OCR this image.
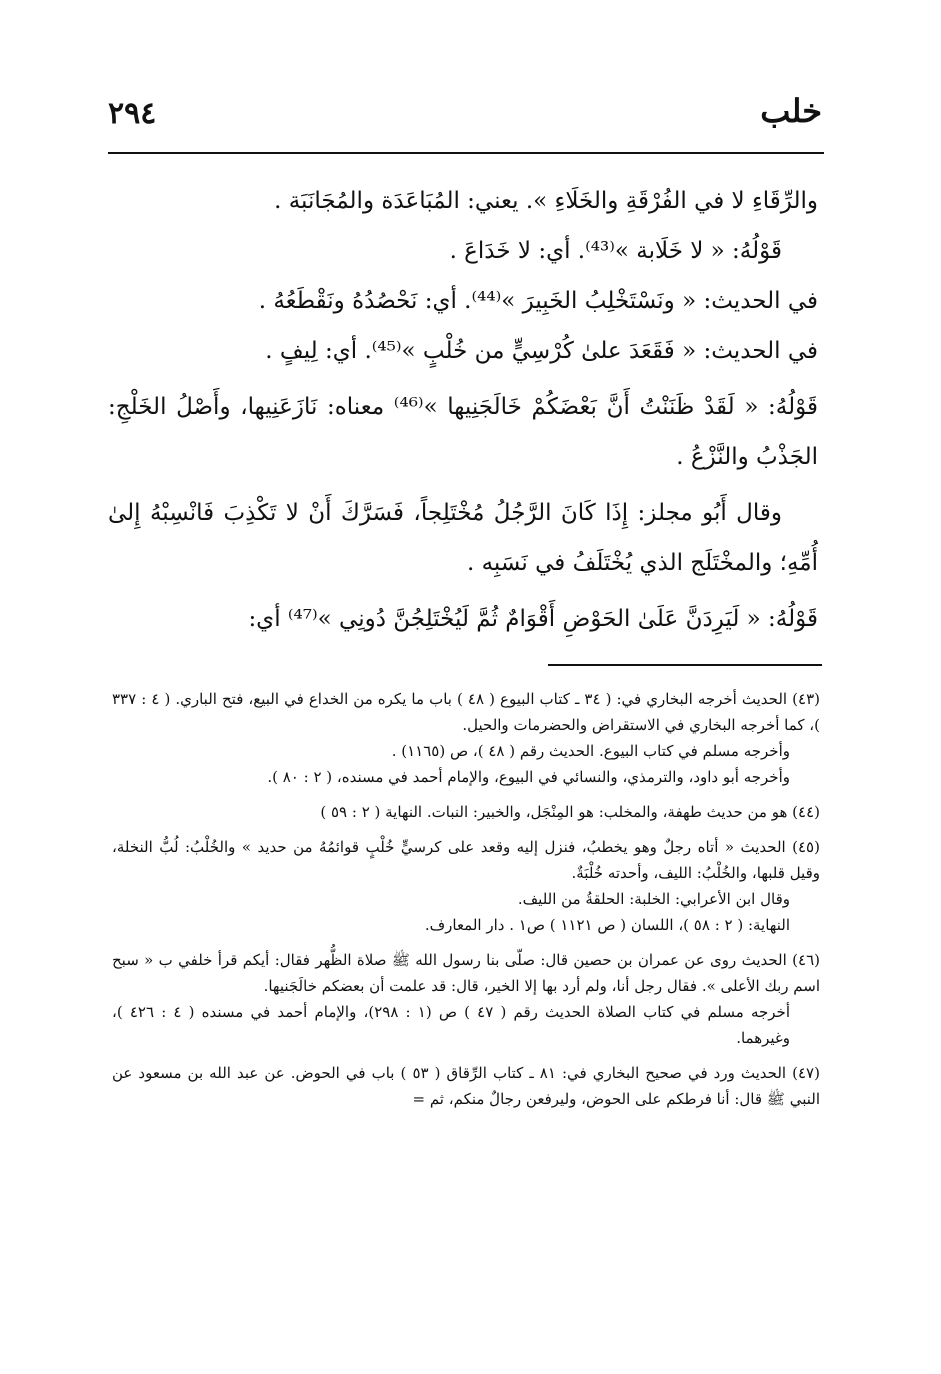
خلب
٢٩٤

والرِّقَاءِ لا في الفُرْقَةِ والخَلَاءِ ». يعني: المُبَاعَدَة والمُجَانَبَة .

قَوْلُهُ: « لا خَلَابة »⁽⁴³⁾. أي: لا خَدَاعَ .

في الحديث: « ونَسْتَخْلِبُ الخَبِيرَ »⁽⁴⁴⁾. أي: نَحْصُدُهُ ونَقْطَعُهُ .

في الحديث: « فَقَعَدَ علىٰ كُرْسِيٍّ من خُلْبٍ »⁽⁴⁵⁾. أي: لِيفٍ .

قَوْلُهُ: « لَقَدْ ظَنَنْتُ أَنَّ بَعْضَكُمْ خَالَجَنِيها »⁽⁴⁶⁾ معناه: نَازَعَنِيها، وأَصْلُ الخَلْجِ: الجَذْبُ والنَّزْعُ .

وقال أَبُو مجلز: إِذَا كَانَ الرَّجُلُ مُخْتَلِجاً، فَسَرَّكَ أَنْ لا تَكْذِبَ فَانْسِبْهُ إِلىٰ أُمِّهِ؛ والمخْتَلَج الذي يُخْتَلَفُ في نَسَبِه .

قَوْلُهُ: « لَيَرِدَنَّ عَلَىٰ الحَوْضِ أَقْوَامٌ ثُمَّ لَيُخْتَلِجُنَّ دُونِي »⁽⁴⁷⁾ أي:

(٤٣) الحديث أخرجه البخاري في: ( ٣٤ ـ كتاب البيوع ( ٤٨ ) باب ما يكره من الخداع في البيع، فتح الباري. ( ٤ : ٣٣٧ )، كما أخرجه البخاري في الاستقراض والحضرمات والحيل.

وأخرجه مسلم في كتاب البيوع. الحديث رقم ( ٤٨ )، ص (١١٦٥) .

وأخرجه أبو داود، والترمذي، والنسائي في البيوع، والإمام أحمد في مسنده، ( ٢ : ٨٠ ).

(٤٤) هو من حديث طهفة، والمخلب: هو المِنْجَل، والخبير: النبات. النهاية ( ٢ : ٥٩ )

(٤٥) الحديث « أتاه رجلٌ وهو يخطبُ، فنزل إليه وقعد على كرسيٍّ خُلْبٍ قوائمُهُ من حديد » والخُلْبُ: لُبُّ النخلة، وقيل قلبها، والخُلْبُ: الليف، وأحدته خُلْبَةٌ.

وقال ابن الأعرابي: الخلبة: الحلقةُ من الليف.

النهاية: ( ٢ : ٥٨ )، اللسان ( ص ١١٢١ ) ص١ . دار المعارف.

(٤٦) الحديث روى عن عمران بن حصين قال: صلّى بنا رسول الله ﷺ صلاة الظُّهر فقال: أيكم قرأ خلفي ب « سبح اسم ربك الأعلى ». فقال رجل أنا، ولم أرد بها إلا الخير، قال: قد علمت أن بعضكم خالَجَنيها.

أخرجه مسلم في كتاب الصلاة الحديث رقم ( ٤٧ ) ص (١ : ٢٩٨)، والإمام أحمد في مسنده ( ٤ : ٤٢٦ )، وغيرهما.

(٤٧) الحديث ورد في صحيح البخاري في: ٨١ ـ كتاب الرِّقاق ( ٥٣ ) باب في الحوض. عن عبد الله بن مسعود عن النبي ﷺ قال: أنا فرطكم على الحوض، وليرفعن رجالٌ منكم، ثم =
